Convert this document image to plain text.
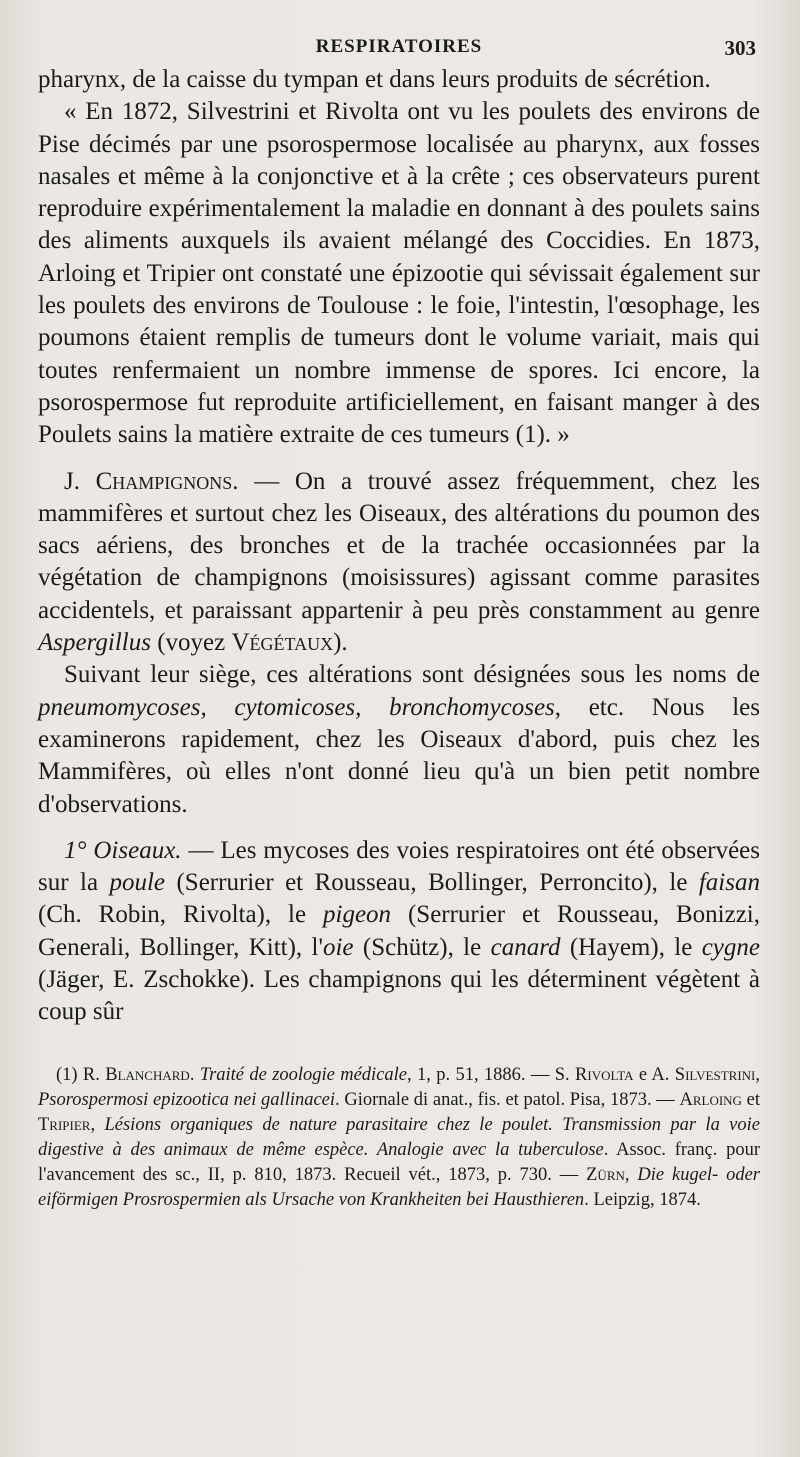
RESPIRATOIRES	303

pharynx, de la caisse du tympan et dans leurs produits de sécrétion.

« En 1872, Silvestrini et Rivolta ont vu les poulets des environs de Pise décimés par une psorospermose localisée au pharynx, aux fosses nasales et même à la conjonctive et à la crête ; ces observateurs purent reproduire expérimentalement la maladie en donnant à des poulets sains des aliments auxquels ils avaient mélangé des Coccidies. En 1873, Arloing et Tripier ont constaté une épizootie qui sévissait également sur les poulets des environs de Toulouse : le foie, l'intestin, l'œsophage, les poumons étaient remplis de tumeurs dont le volume variait, mais qui toutes renfermaient un nombre immense de spores. Ici encore, la psorospermose fut reproduite artificiellement, en faisant manger à des Poulets sains la matière extraite de ces tumeurs (1). »

J. Champignons. — On a trouvé assez fréquemment, chez les mammifères et surtout chez les Oiseaux, des altérations du poumon des sacs aériens, des bronches et de la trachée occasionnées par la végétation de champignons (moisissures) agissant comme parasites accidentels, et paraissant appartenir à peu près constamment au genre Aspergillus (voyez Végétaux).

Suivant leur siège, ces altérations sont désignées sous les noms de pneumomycoses, cytomicoses, bronchomycoses, etc. Nous les examinerons rapidement, chez les Oiseaux d'abord, puis chez les Mammifères, où elles n'ont donné lieu qu'à un bien petit nombre d'observations.

1° Oiseaux. — Les mycoses des voies respiratoires ont été observées sur la poule (Serrurier et Rousseau, Bollinger, Perroncito), le faisan (Ch. Robin, Rivolta), le pigeon (Serrurier et Rousseau, Bonizzi, Generali, Bollinger, Kitt), l'oie (Schütz), le canard (Hayem), le cygne (Jäger, E. Zschokke). Les champignons qui les déterminent végètent à coup sûr

(1) R. Blanchard. Traité de zoologie médicale, 1, p. 51, 1886. — S. Rivolta e A. Silvestrini, Psorospermosi epizootica nei gallinacei. Giornale di anat., fis. et patol. Pisa, 1873. — Arloing et Tripier, Lésions organiques de nature parasitaire chez le poulet. Transmission par la voie digestive à des animaux de même espèce. Analogie avec la tuberculose. Assoc. franç. pour l'avancement des sc., II, p. 810, 1873. Recueil vét., 1873, p. 730. — Zürn, Die kugel- oder eiförmigen Prosrospermien als Ursache von Krankheiten bei Hausthieren. Leipzig, 1874.
